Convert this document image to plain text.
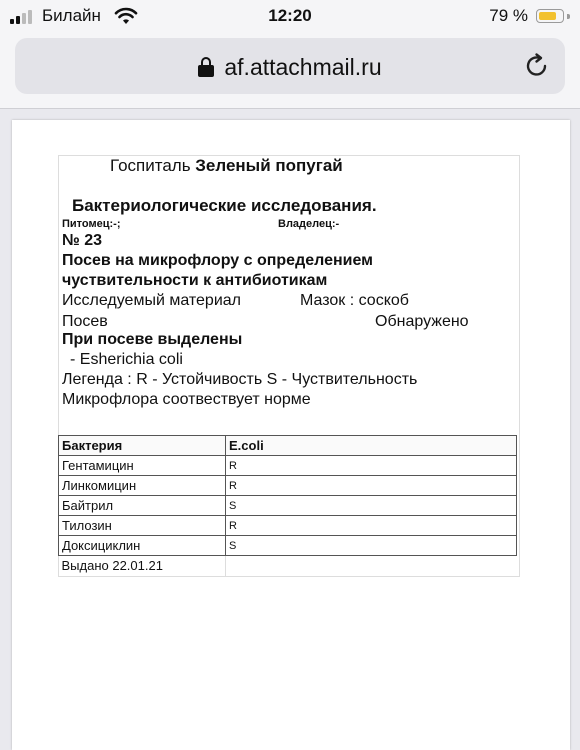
Билайн	12:20	79 %
af.attachmail.ru
Госпиталь Зеленый попугай
Бактериологические исследования.
Питомец:-;	Владелец:-
№ 23
Посев на микрофлору с определением
чуствительности к антибиотикам
Исследуемый материал	Мазок : соскоб
Посев	Обнаружено
При посеве выделены
- Esherichia coli
Легенда : R - Устойчивость S - Чуствительность
Микрофлора соотвествует норме
Бактерия	E.coli
Гентамицин	R
Линкомицин	R
Байтрил	S
Тилозин	R
Доксициклин	S
Выдано 22.01.21	
